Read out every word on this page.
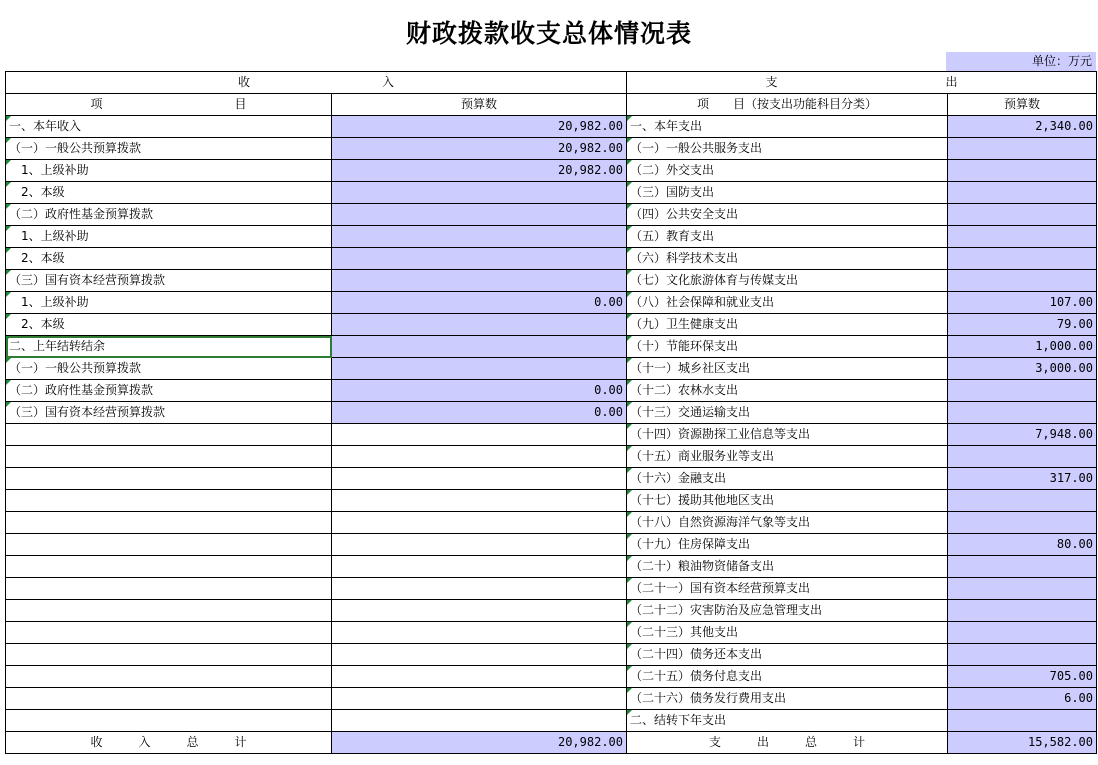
财政拨款收支总体情况表
单位：万元
收　　　　　　　　　　　入		支　　　　　　　　　　　　　　出	
项　　　　　　　　　　　目	预算数	项　　目（按支出功能科目分类）	预算数
一、本年收入	20,982.00	一、本年支出	2,340.00
（一）一般公共预算拨款	20,982.00	（一）一般公共服务支出	
　1、上级补助	20,982.00	（二）外交支出	
　2、本级		（三）国防支出	
（二）政府性基金预算拨款		（四）公共安全支出	
　1、上级补助		（五）教育支出	
　2、本级		（六）科学技术支出	
（三）国有资本经营预算拨款		（七）文化旅游体育与传媒支出	
　1、上级补助	0.00	（八）社会保障和就业支出	107.00
　2、本级		（九）卫生健康支出	79.00
二、上年结转结余		（十）节能环保支出	1,000.00
（一）一般公共预算拨款		（十一）城乡社区支出	3,000.00
（二）政府性基金预算拨款	0.00	（十二）农林水支出	
（三）国有资本经营预算拨款	0.00	（十三）交通运输支出	
		（十四）资源勘探工业信息等支出	7,948.00
		（十五）商业服务业等支出	
		（十六）金融支出	317.00
		（十七）援助其他地区支出	
		（十八）自然资源海洋气象等支出	
		（十九）住房保障支出	80.00
		（二十）粮油物资储备支出	
		（二十一）国有资本经营预算支出	
		（二十二）灾害防治及应急管理支出	
		（二十三）其他支出	
		（二十四）债务还本支出	
		（二十五）债务付息支出	705.00
		（二十六）债务发行费用支出	6.00
		二、结转下年支出	
收　　　入　　　总　　　计	20,982.00	支　　　出　　　总　　　计	15,582.00
